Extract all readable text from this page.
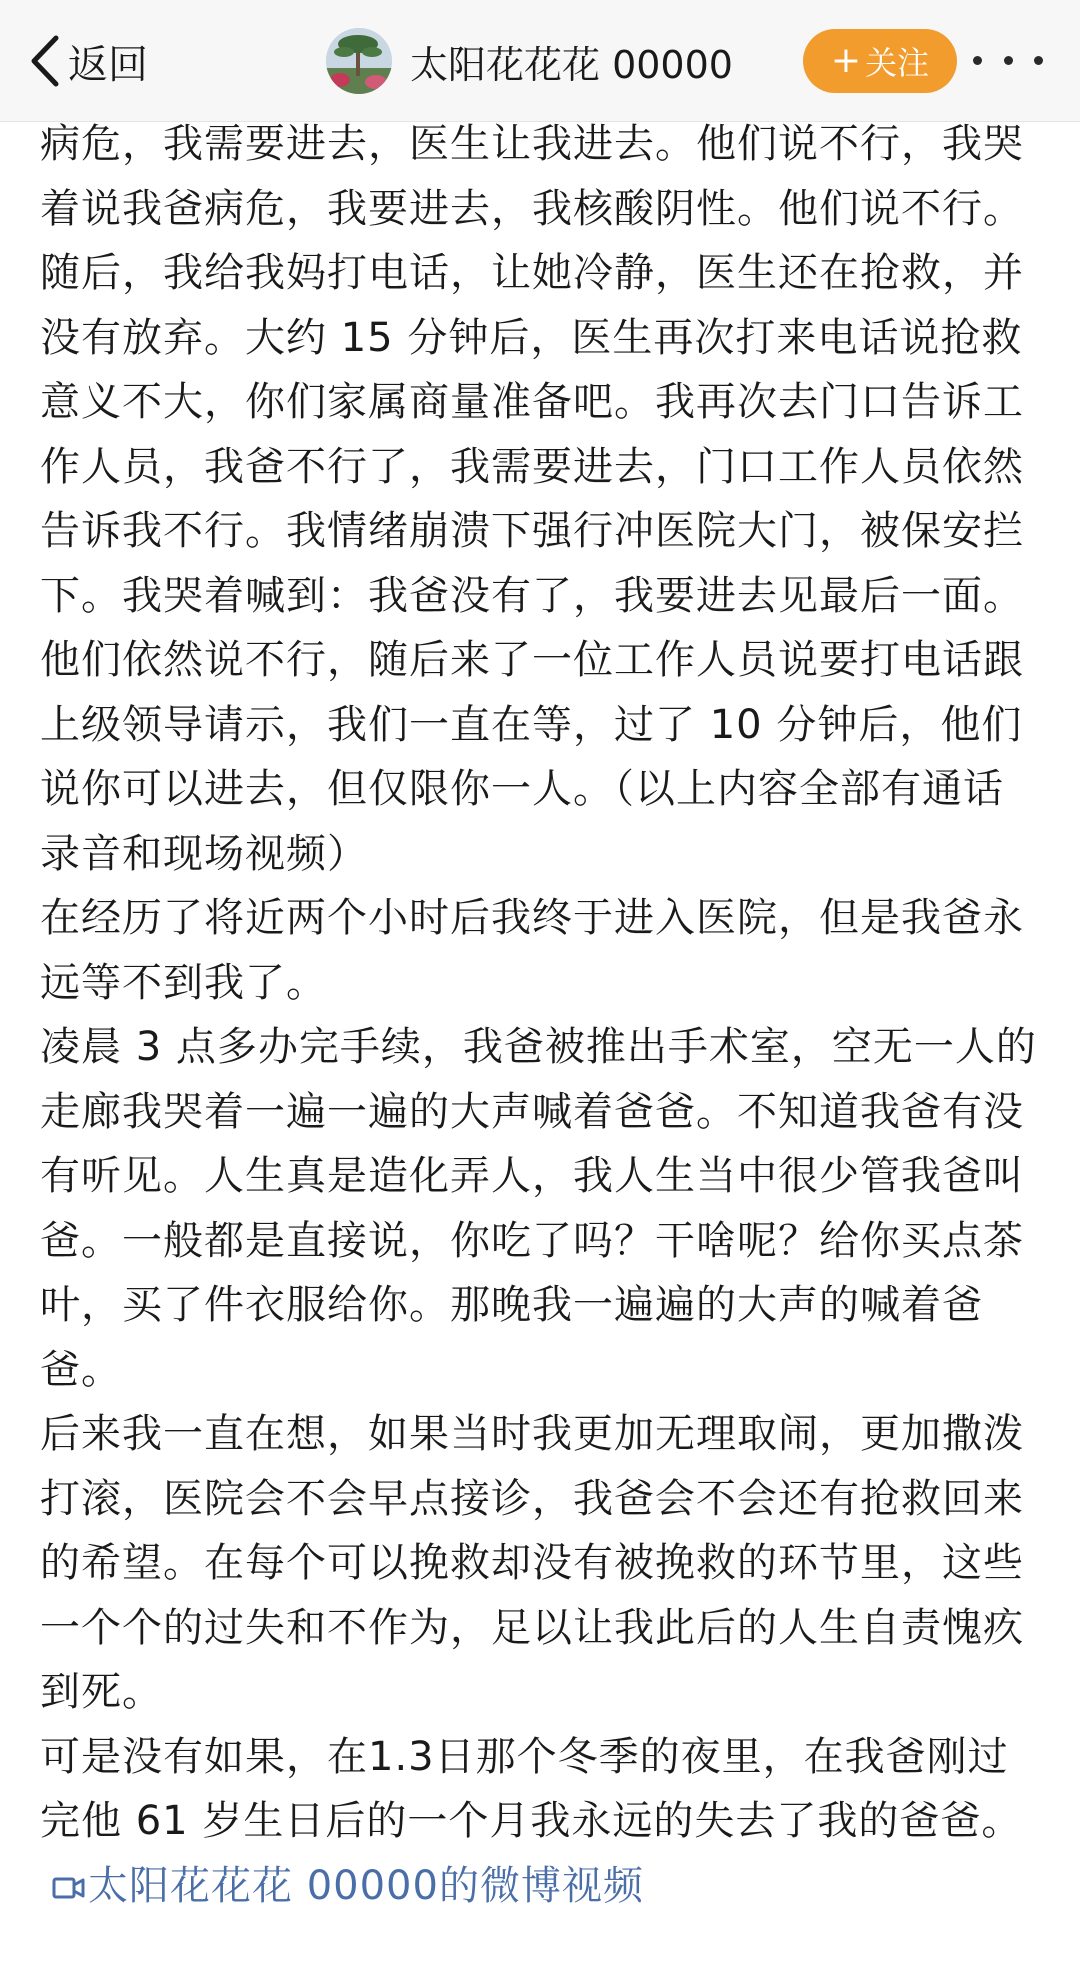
返回	太阳花花花 00000	+ 关注

病危，我需要进去，医生让我进去。他们说不行，我哭着说我爸病危，我要进去，我核酸阴性。他们说不行。随后，我给我妈打电话，让她冷静，医生还在抢救，并没有放弃。大约 15 分钟后，医生再次打来电话说抢救意义不大，你们家属商量准备吧。我再次去门口告诉工作人员，我爸不行了，我需要进去，门口工作人员依然告诉我不行。我情绪崩溃下强行冲医院大门，被保安拦下。我哭着喊到：我爸没有了，我要进去见最后一面。他们依然说不行，随后来了一位工作人员说要打电话跟上级领导请示，我们一直在等，过了 10 分钟后，他们说你可以进去，但仅限你一人。（以上内容全部有通话录音和现场视频）

在经历了将近两个小时后我终于进入医院，但是我爸永远等不到我了。

凌晨 3 点多办完手续，我爸被推出手术室，空无一人的走廊我哭着一遍一遍的大声喊着爸爸。不知道我爸有没有听见。人生真是造化弄人，我人生当中很少管我爸叫爸。一般都是直接说，你吃了吗？干啥呢？给你买点茶叶，买了件衣服给你。那晚我一遍遍的大声的喊着爸爸。

后来我一直在想，如果当时我更加无理取闹，更加撒泼打滚，医院会不会早点接诊，我爸会不会还有抢救回来的希望。在每个可以挽救却没有被挽救的环节里，这些一个个的过失和不作为，足以让我此后的人生自责愧疚到死。

可是没有如果，在1.3日那个冬季的夜里，在我爸刚过完他 61 岁生日后的一个月我永远的失去了我的爸爸。太阳花花花 00000的微博视频
